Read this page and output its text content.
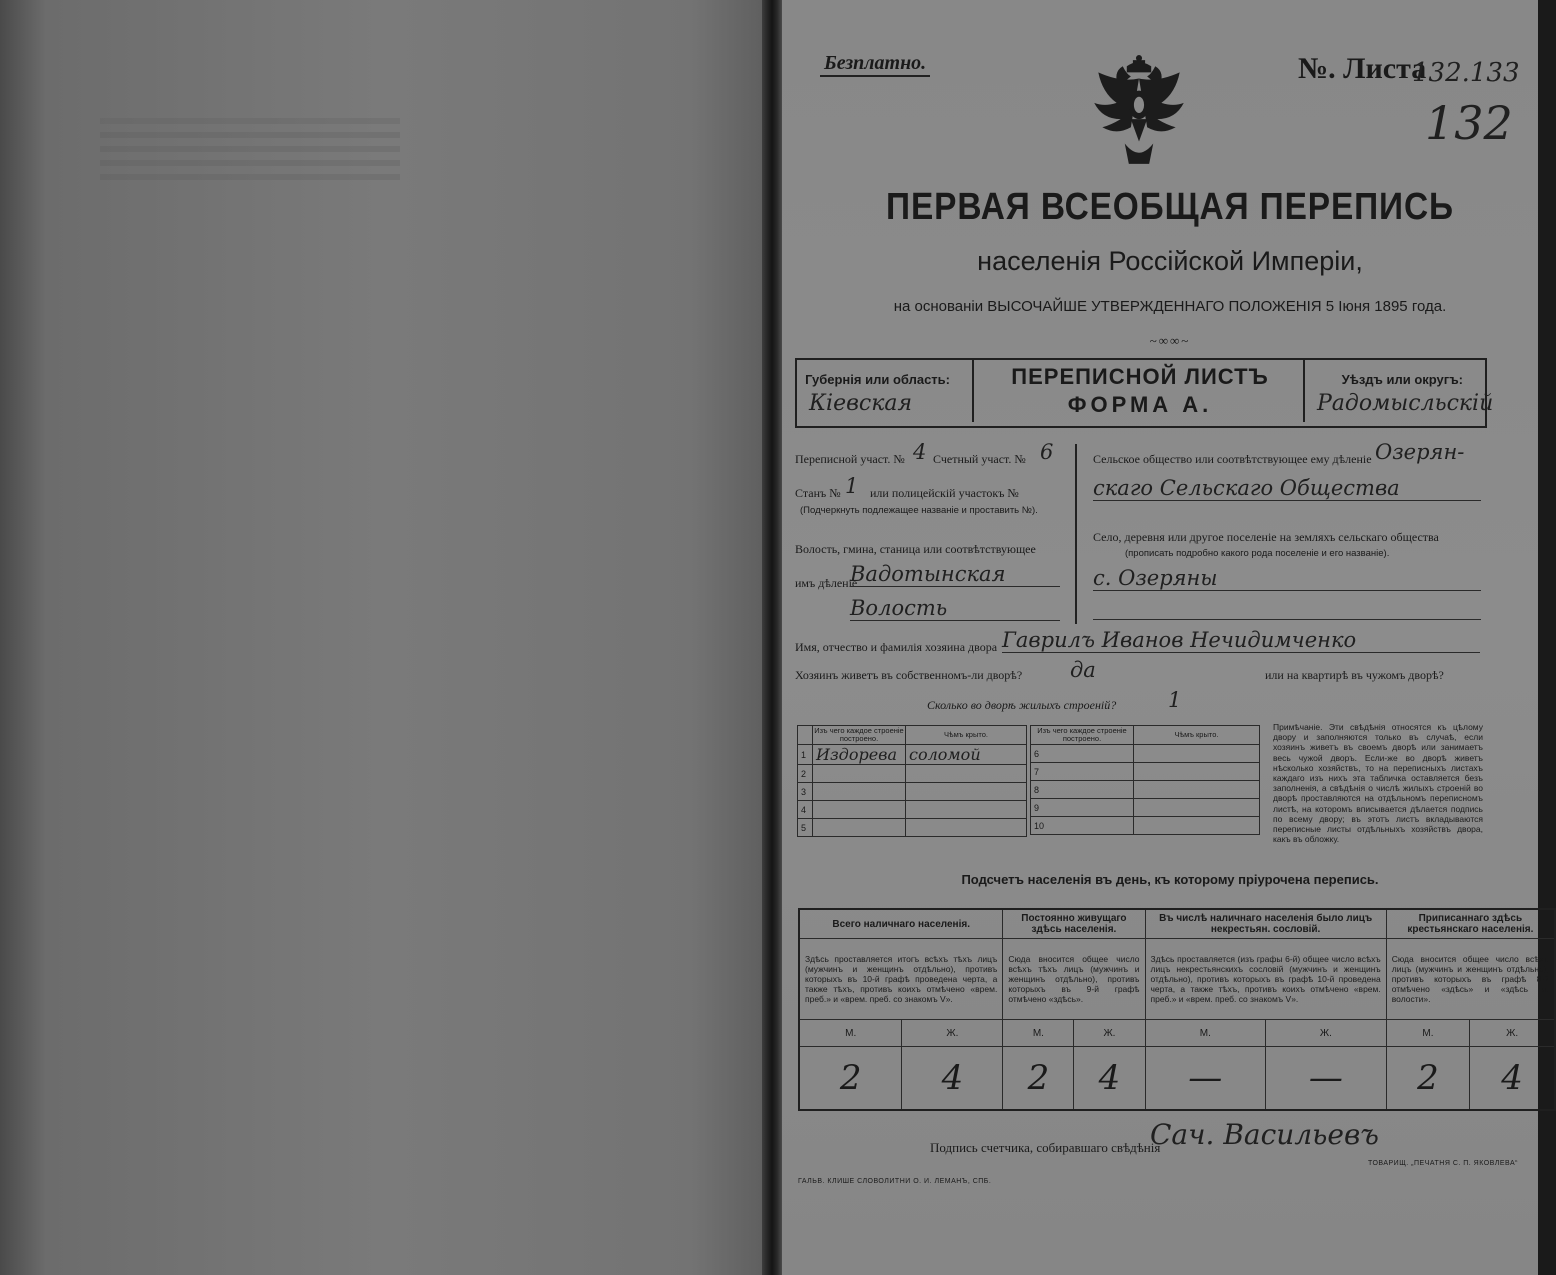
Безплатно.	№. Листа
132.133
132
ПЕРВАЯ ВСЕОБЩАЯ ПЕРЕПИСЬ
населенія Россійской Имперіи,
на основаніи ВЫСОЧАЙШЕ УТВЕРЖДЕННАГО ПОЛОЖЕНІЯ 5 Іюня 1895 года.
~∞∞~
Губернія или область:
Кіевская
ПЕРЕПИСНОЙ ЛИСТЪ
ФОРМА А.
Уѣздъ или округъ:
Радомысльскій
Переписной участ. № 4 Счетный участ. № 6
Станъ № 1 или полицейскій участокъ №
(Подчеркнуть подлежащее названіе и проставить №).
Волость, гмина, станица или соотвѣтствующее
имъ дѣленіе
Вадотынская
Волость
Сельское общество или соотвѣтствующее ему дѣленіе Озерян-
скаго Сельскаго Общества
Село, деревня или другое поселеніе на земляхъ сельскаго общества
(прописать подробно какого рода поселеніе и его названіе).
с. Озеряны
Имя, отчество и фамилія хозяина двора Гаврилъ Иванов Нечидимченко
Хозяинъ живетъ въ собственномъ-ли дворѣ? да	или на квартирѣ въ чужомъ дворѣ?
Сколько во дворѣ жилыхъ строеній? 1
	Изъ чего каждое строеніе построено.	Чѣмъ крыто.
1	Издорева	соломой
2		
3		
4		
5		
Изъ чего каждое строеніе построено.	Чѣмъ крыто.
6	
7	
8	
9	
10	
Примѣчаніе. Эти свѣдѣнія относятся къ цѣлому двору и заполняются только въ случаѣ, если хозяинъ живетъ въ своемъ дворѣ или занимаетъ весь чужой дворъ. Если-же во дворѣ живетъ нѣсколько хозяйствъ, то на переписныхъ листахъ каждаго изъ нихъ эта табличка оставляется безъ заполненія, а свѣдѣнія о числѣ жилыхъ строеній во дворѣ проставляются на отдѣльномъ переписномъ листѣ, на которомъ вписывается дѣлается подпись по всему двору; въ этотъ листъ вкладываются переписные листы отдѣльныхъ хозяйствъ двора, какъ въ обложку.
Подсчетъ населенія въ день, къ которому пріурочена перепись.
Всего наличнаго населенія.		Постоянно живущаго здѣсь населенія.		Въ числѣ наличнаго населенія было лицъ некрестьян. сословій.		Приписаннаго здѣсь крестьянскаго населенія.	
Здѣсь проставляется итогъ всѣхъ тѣхъ лицъ (мужчинъ и женщинъ отдѣльно), противъ которыхъ въ 10-й графѣ проведена черта, а также тѣхъ, противъ коихъ отмѣчено «врем. преб.» и «врем. преб. со знакомъ V».		Сюда вносится общее число всѣхъ тѣхъ лицъ (мужчинъ и женщинъ отдѣльно), противъ которыхъ въ 9-й графѣ отмѣчено «здѣсь».		Здѣсь проставляется (изъ графы 6-й) общее число всѣхъ лицъ некрестьянскихъ сословій (мужчинъ и женщинъ отдѣльно), противъ которыхъ въ графѣ 10-й проведена черта, а также тѣхъ, противъ коихъ отмѣчено «врем. преб.» и «врем. преб. со знакомъ V».		Сюда вносится общее число всѣхъ лицъ (мужчинъ и женщинъ отдѣльно), противъ которыхъ въ графѣ 8-й отмѣчено «здѣсь» и «здѣсь въ волости».	
М.	Ж.	М.	Ж.	М.	Ж.	М.	Ж.
2	4	2	4	—	—	2	4
Подпись счетчика, собиравшаго свѣдѣнія
Сач. Васильевъ
ТОВАРИЩ. „ПЕЧАТНЯ С. П. ЯКОВЛЕВА“
ГАЛЬВ. КЛИШЕ СЛОВОЛИТНИ О. И. ЛЕМАНЪ, СПБ.
